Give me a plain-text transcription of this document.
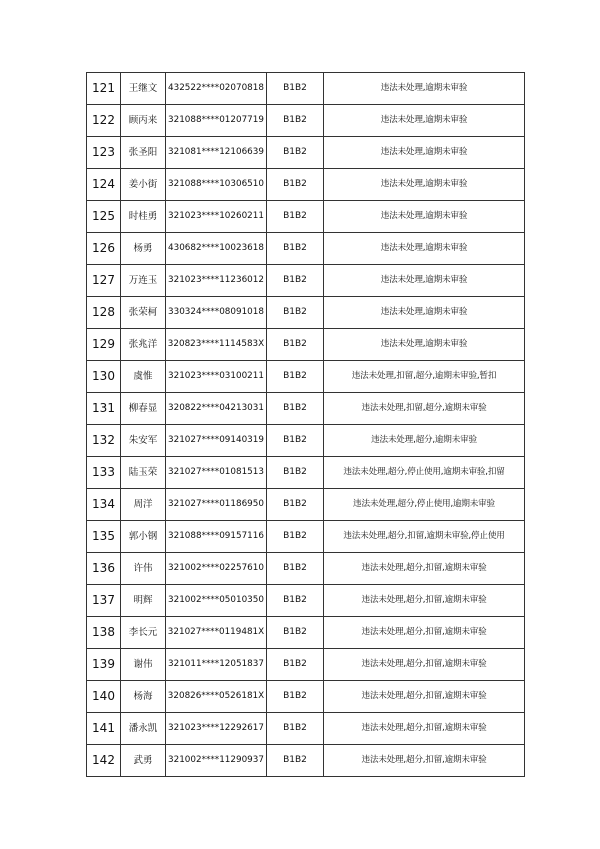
121	王继文	432522****02070818	B1B2	违法未处理,逾期未审验
122	顾丙来	321088****01207719	B1B2	违法未处理,逾期未审验
123	张圣阳	321081****12106639	B1B2	违法未处理,逾期未审验
124	姜小街	321088****10306510	B1B2	违法未处理,逾期未审验
125	时桂勇	321023****10260211	B1B2	违法未处理,逾期未审验
126	杨勇	430682****10023618	B1B2	违法未处理,逾期未审验
127	万连玉	321023****11236012	B1B2	违法未处理,逾期未审验
128	张荣柯	330324****08091018	B1B2	违法未处理,逾期未审验
129	张兆洋	320823****1114583X	B1B2	违法未处理,逾期未审验
130	虞惟	321023****03100211	B1B2	违法未处理,扣留,超分,逾期未审验,暂扣
131	柳春显	320822****04213031	B1B2	违法未处理,扣留,超分,逾期未审验
132	朱安军	321027****09140319	B1B2	违法未处理,超分,逾期未审验
133	陆玉荣	321027****01081513	B1B2	违法未处理,超分,停止使用,逾期未审验,扣留
134	周洋	321027****01186950	B1B2	违法未处理,超分,停止使用,逾期未审验
135	郭小钢	321088****09157116	B1B2	违法未处理,超分,扣留,逾期未审验,停止使用
136	许伟	321002****02257610	B1B2	违法未处理,超分,扣留,逾期未审验
137	明辉	321002****05010350	B1B2	违法未处理,超分,扣留,逾期未审验
138	李长元	321027****0119481X	B1B2	违法未处理,超分,扣留,逾期未审验
139	谢伟	321011****12051837	B1B2	违法未处理,超分,扣留,逾期未审验
140	杨海	320826****0526181X	B1B2	违法未处理,超分,扣留,逾期未审验
141	潘永凯	321023****12292617	B1B2	违法未处理,超分,扣留,逾期未审验
142	武勇	321002****11290937	B1B2	违法未处理,超分,扣留,逾期未审验
